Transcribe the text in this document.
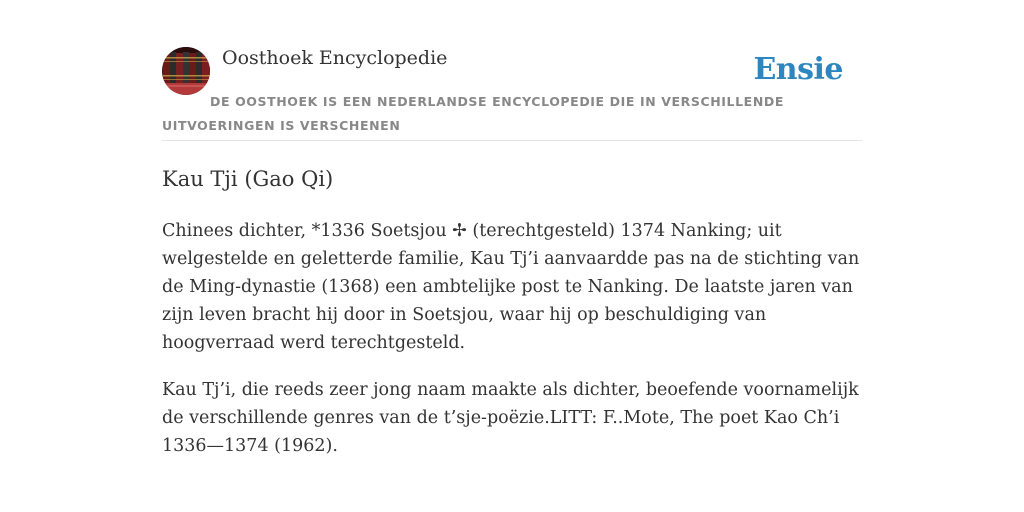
Oosthoek Encyclopedie	Ensie
DE OOSTHOEK IS EEN NEDERLANDSE ENCYCLOPEDIE DIE IN VERSCHILLENDE UITVOERINGEN IS VERSCHENEN
Kau Tji (Gao Qi)

Chinees dichter, *1336 Soetsjou ✢ (terechtgesteld) 1374 Nanking; uit welgestelde en geletterde familie, Kau Tj’i aanvaardde pas na de stichting van de Ming-dynastie (1368) een ambtelijke post te Nanking. De laatste jaren van zijn leven bracht hij door in Soetsjou, waar hij op beschuldiging van hoogverraad werd terechtgesteld.

Kau Tj’i, die reeds zeer jong naam maakte als dichter, beoefende voornamelijk de verschillende genres van de t’sje-poëzie.LITT: F..Mote, The poet Kao Ch’i 1336—1374 (1962).
